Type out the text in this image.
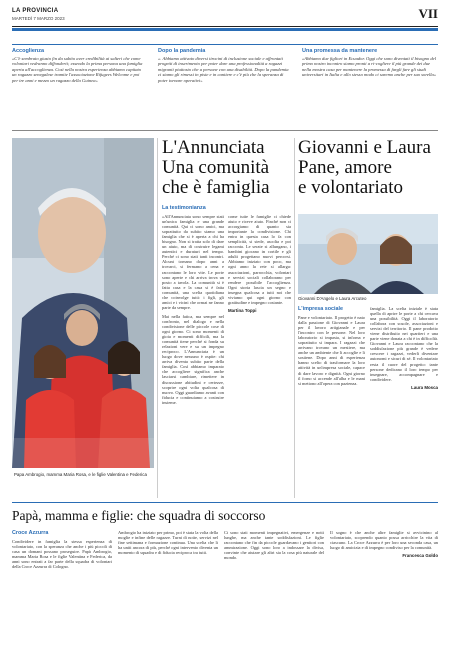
LA PROVINCIA
MARTEDÌ 7 MARZO 2023	VII
Accoglienza
«C'è sembrato giusto fin da subito aver credibilità ai salteri che come volontari vedranno diffonderti; essendo la prima persona una famiglia aperta all'accoglienza. Così nella nostra esperienza abbiamo capitato un ragazzo senegalese tramite l'associazione Rifugees Welcome e poi per tre anni e mezzo un ragazzo della Guinea»
Dopo la pandemia
«. Abbiamo attivato diversi tirocini di inclusione sociale e affrontati progetti di inserimento per poter dare una professionalità a ragazzi migranti piuttosto che a persone con una disabilità. Dopo la pandemia ci siamo gli rimessi in piste e in cantiere e c'è più che la speranza di poter tornare operativi»
Una promessa da mantenere
«Abbiamo due figliori in Ecuador. Oggi che sono diventati il bisogno del primo nostro incontro siamo pronti a ri-cogliere il più grande dei due nella mostra casa per mantenere la promessa di fargli fare gli studi universitari in Italia e allo stesso modo ci saremo anche per suo sorella»
Papa Ambrogio, mamma Maria Rosa, e le figlie Valentina e Federica
L'Annunciata
Una comunità
che è famiglia
La testimonianza

«All'Annunciata sono sempre stati un'unica famiglia e una grande comunità. Qui ci sono amici, ma soprattutto da subito siamo una famiglia che si è aperta a chi ha bisogno. Non si tratta solo di dare un aiuto, ma di costruire legami autentici e duraturi nel tempo. Perché ci sono stati tanti incontri. Alcuni tornano dopo anni a trovarci, si fermano a cena e raccontano le loro vite. Le porte sono aperte e chi arriva trova un posto a tavola. La comunità si è fatta casa e la casa si è fatta comunità, una scelta quotidiana che coinvolge tutti: i figli, gli amici e i vicini che ormai ne fanno parte da sempre.

Mai nella fatica, ma sempre nel confronto, nel dialogo e nella condivisione delle piccole cose di ogni giorno. Ci sono momenti di gioia e momenti difficili, ma la comunità tiene perché si fonda su relazioni vere e su un impegno reciproco. L'Annunciata è un luogo dove nessuno è ospite: chi arriva diventa subito parte della famiglia. Così abbiamo imparato che accogliere significa anche lasciarsi cambiare, rimettere in discussione abitudini e certezze, scoprire ogni volta qualcosa di nuovo. Oggi guardiamo avanti con fiducia e continuiamo a costruire insieme.

come tutte le famiglie ci chiede aiuto e riceve aiuto. Finché non ci accorgiamo di quanto sia importante la condivisione. Chi entra in questa casa lo fa con semplicità, si siede, ascolta e poi racconta. Le serate si allungano, i bambini giocano in cortile e gli adulti progettano nuovi percorsi. Abbiamo iniziato con poco, ma ogni anno la rete si allarga: associazioni, parrocchia, volontari e servizi sociali collaborano per rendere possibile l'accoglienza. Ogni storia lascia un segno e insegna qualcosa a tutti noi che viviamo qui ogni giorno con gratitudine e impegno costante.

Martina Toppi
Giovanni e Laura
Pane, amore
e volontariato
Giovanni D'Angelo e Laura Arcuteo
L'impresa sociale

Pane e volontariato. Il progetto è nato dalla passione di Giovanni e Laura per il lavoro artigianale e per l'incontro con le persone. Nel loro laboratorio si impasta, si inforna e soprattutto si impara. I ragazzi che arrivano trovano un mestiere, ma anche un ambiente che li accoglie e li sostiene. Dopo anni di esperienza hanno scelto di trasformare la loro attività in un'impresa sociale, capace di dare lavoro e dignità. Ogni giorno il forno si accende all'alba e le mani si mettono all'opera con pazienza.

famiglia. La scelta iniziale è stata quella di aprire le porte a chi cercava una possibilità. Oggi il laboratorio collabora con scuole, associazioni e servizi del territorio. Il pane prodotto viene distribuito nei quartieri e una parte viene donata a chi è in difficoltà. Giovanni e Laura raccontano che la soddisfazione più grande è vedere crescere i ragazzi, vederli diventare autonomi e sicuri di sé. Il volontariato resta il cuore del progetto: tante persone dedicano il loro tempo per insegnare, accompagnare e condividere.

Laura Mosca
Papà, mamma e figlie: che squadra di soccorso
Croce Azzurra

Condividere in famiglia la stessa esperienza di volontariato, con la speranza che anche i più piccoli di casa un domani possano proseguire. Papà Ambrogio, mamma Maria Rosa e le figlie Valentina e Federica, da anni sono entrati a far parte della squadra di volontari della Croce Azzurra di Cologno.

Ambrogio ha iniziato per primo, poi è stata la volta della moglie e infine delle ragazze. Turni di notte, servizi nel fine settimana e formazione continua. Una scelta che li ha uniti ancora di più, perché ogni intervento diventa un momento di squadra e di fiducia reciproca tra tutti.

Ci sono stati momenti impegnativi, emergenze e notti lunghe, ma anche tante soddisfazioni. Le figlie raccontano che fin da piccole guardavano i genitori con ammirazione. Oggi sono loro a indossare la divisa, convinte che aiutare gli altri sia la cosa più naturale del mondo.

Il sogno è che anche altre famiglie si avvicinino al volontariato, scoprendo quanto possa arricchire la vita di ciascuno. La Croce Azzurra è per loro una seconda casa, un luogo di amicizia e di impegno condiviso per la comunità.

Francesca Goldo
